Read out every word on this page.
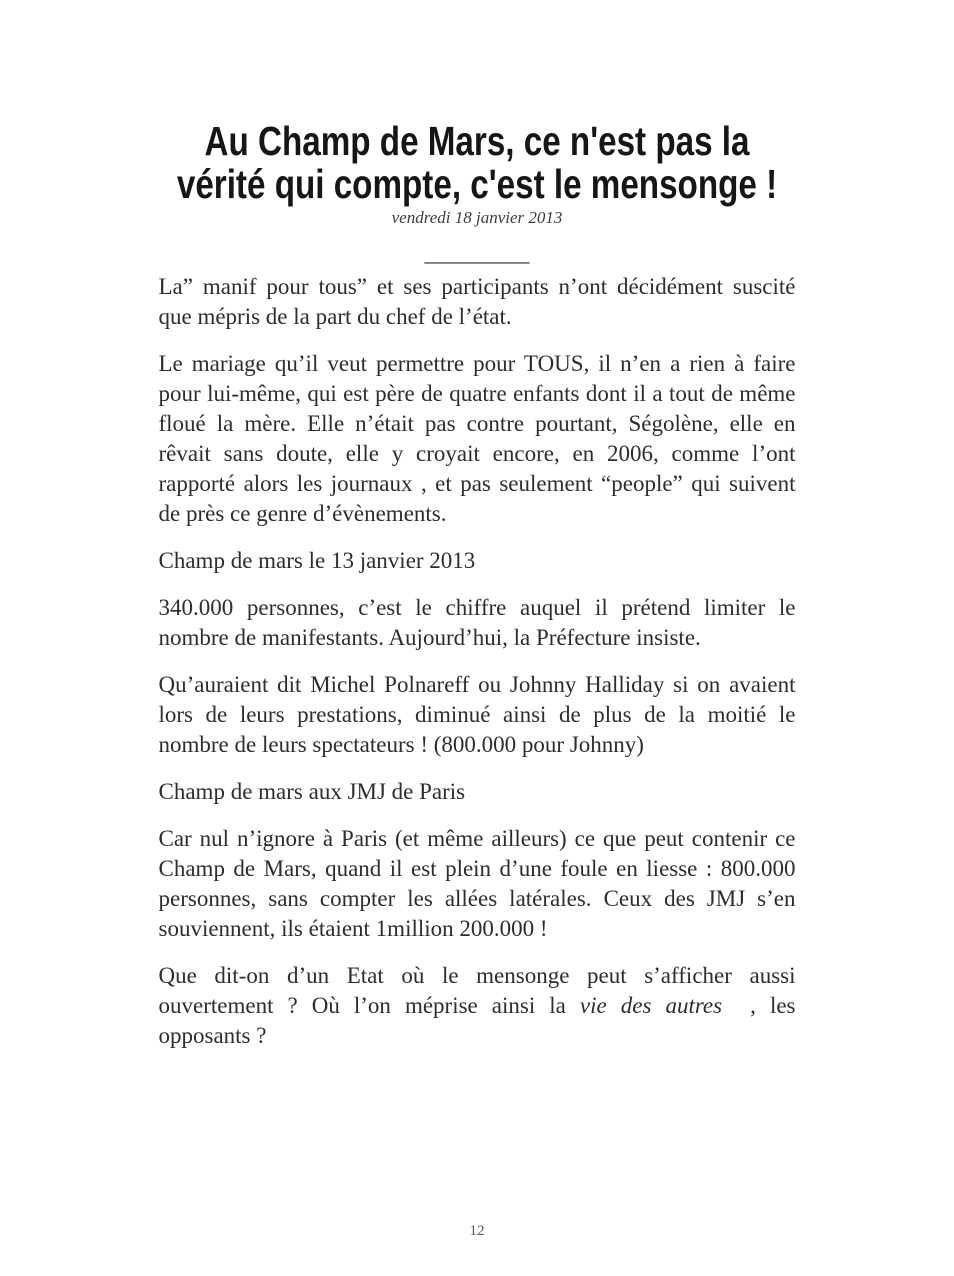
Au Champ de Mars, ce n'est pas la vérité qui compte, c'est le mensonge !

vendredi 18 janvier 2013

__________

La” manif pour tous” et ses participants n’ont décidément suscité que mépris de la part du chef de l’état.

Le mariage qu’il veut permettre pour TOUS, il n’en a rien à faire pour lui-même, qui est père de quatre enfants dont il a tout de même floué la mère. Elle n’était pas contre pourtant, Ségolène, elle en rêvait sans doute, elle y croyait encore, en 2006, comme l’ont rapporté alors les journaux , et pas seulement “people” qui suivent de près ce genre d’évènements.

Champ de mars le 13 janvier 2013

340.000 personnes, c’est le chiffre auquel il prétend limiter le nombre de manifestants. Aujourd’hui, la Préfecture insiste.

Qu’auraient dit Michel Polnareff ou Johnny Halliday si on avaient lors de leurs prestations, diminué ainsi de plus de la moitié le nombre de leurs spectateurs ! (800.000 pour Johnny)

Champ de mars aux JMJ de Paris

Car nul n’ignore à Paris (et même ailleurs) ce que peut contenir ce Champ de Mars, quand il est plein d’une foule en liesse : 800.000 personnes, sans compter les allées latérales. Ceux des JMJ s’en souviennent, ils étaient 1million 200.000 !

Que dit-on d’un Etat où le mensonge peut s’afficher aussi ouvertement ? Où l’on méprise ainsi la vie des autres  , les opposants ?

12
